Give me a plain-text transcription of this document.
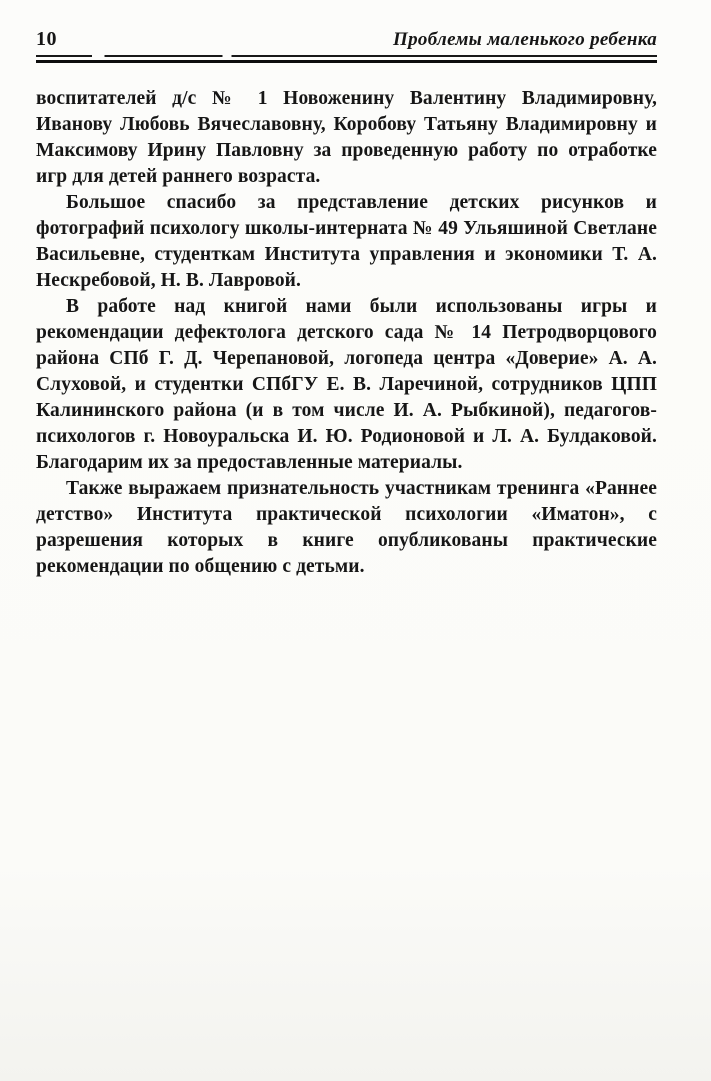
10	Проблемы маленького ребенка

воспитателей д/с № 1 Новоженину Валентину Владимировну, Иванову Любовь Вячеславовну, Коробову Татьяну Владимировну и Максимову Ирину Павловну за проведенную работу по отработке игр для детей раннего возраста.

Большое спасибо за представление детских рисунков и фотографий психологу школы-интерната № 49 Ульяшиной Светлане Васильевне, студенткам Института управления и экономики Т. А. Нескребовой, Н. В. Лавровой.

В работе над книгой нами были использованы игры и рекомендации дефектолога детского сада № 14 Петродворцового района СПб Г. Д. Черепановой, логопеда центра «Доверие» А. А. Слуховой, и студентки СПбГУ Е. В. Ларечиной, сотрудников ЦПП Калининского района (и в том числе И. А. Рыбкиной), педагогов-психологов г. Новоуральска И. Ю. Родионовой и Л. А. Булдаковой. Благодарим их за предоставленные материалы.

Также выражаем признательность участникам тренинга «Раннее детство» Института практической психологии «Иматон», с разрешения которых в книге опубликованы практические рекомендации по общению с детьми.
